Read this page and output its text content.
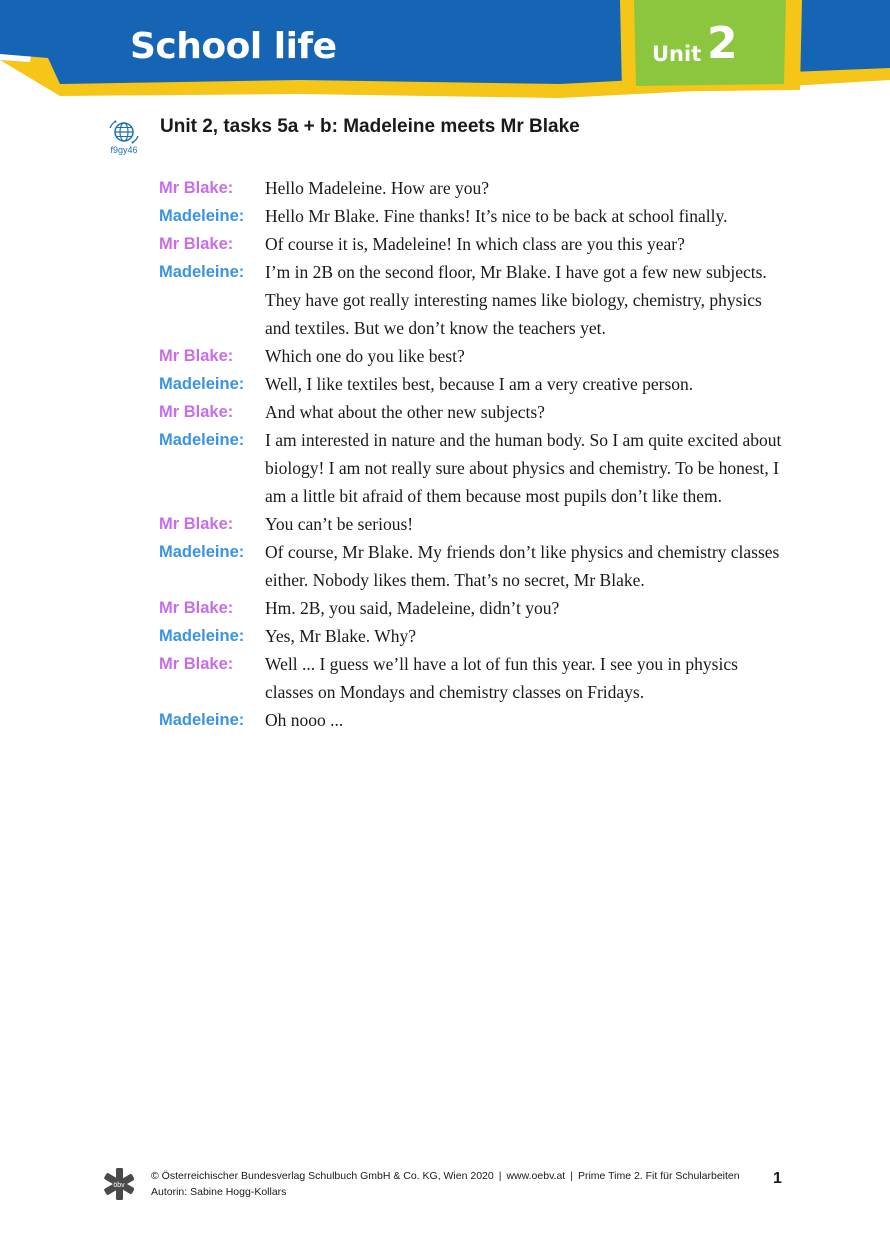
School life	Unit 2
f9gy46
Unit 2, tasks 5a + b: Madeleine meets Mr Blake
Mr Blake:	Hello Madeleine. How are you?
Madeleine:	Hello Mr Blake. Fine thanks! It’s nice to be back at school finally.
Mr Blake:	Of course it is, Madeleine! In which class are you this year?
Madeleine:	I’m in 2B on the second floor, Mr Blake. I have got a few new subjects. They have got really interesting names like biology, chemistry, physics and textiles. But we don’t know the teachers yet.
Mr Blake:	Which one do you like best?
Madeleine:	Well, I like textiles best, because I am a very creative person.
Mr Blake:	And what about the other new subjects?
Madeleine:	I am interested in nature and the human body. So I am quite excited about biology! I am not really sure about physics and chemistry. To be honest, I am a little bit afraid of them because most pupils don’t like them.
Mr Blake:	You can’t be serious!
Madeleine:	Of course, Mr Blake. My friends don’t like physics and chemistry classes either. Nobody likes them. That’s no secret, Mr Blake.
Mr Blake:	Hm. 2B, you said, Madeleine, didn’t you?
Madeleine:	Yes, Mr Blake. Why?
Mr Blake:	Well ... I guess we’ll have a lot of fun this year. I see you in physics classes on Mondays and chemistry classes on Fridays.
Madeleine:	Oh nooo ...
öbv
© Österreichischer Bundesverlag Schulbuch GmbH & Co. KG, Wien 2020 | www.oebv.at | Prime Time 2. Fit für Schularbeiten
Autorin: Sabine Hogg-Kollars
1
